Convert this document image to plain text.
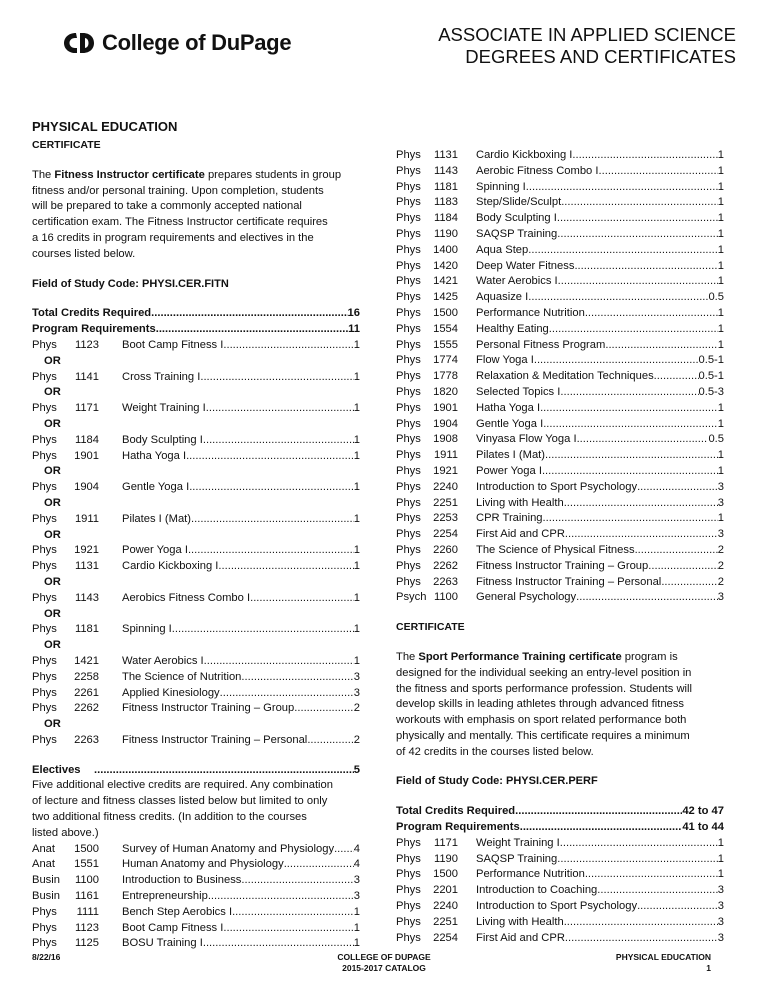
College of DuPage	ASSOCIATE IN APPLIED SCIENCE
DEGREES AND CERTIFICATES
PHYSICAL EDUCATION
CERTIFICATE

The Fitness Instructor certificate prepares students in group
fitness and/or personal training. Upon completion, students
will be prepared to take a commonly accepted national
certification exam. The Fitness Instructor certificate requires
a 16 credits in program requirements and electives in the
courses listed below.

Field of Study Code: PHYSI.CER.FITN
Total Credits Required .....	16
Program Requirements .....	11
Phys	1123 Boot Camp Fitness I .....	1
OR
Phys	1141 Cross Training I .....	1
OR
Phys	1171 Weight Training I .....	1
OR
Phys	1184 Body Sculpting I .....	1
Phys	1901 Hatha Yoga I .....	1
OR
Phys	1904 Gentle Yoga I .....	1
OR
Phys	1911 Pilates I (Mat) .....	1
OR
Phys	1921 Power Yoga I .....	1
Phys	1131 Cardio Kickboxing I .....	1
OR
Phys	1143 Aerobics Fitness Combo I .....	1
OR
Phys	1181 Spinning I .....	1
OR
Phys	1421 Water Aerobics I .....	1
Phys	2258 The Science of Nutrition .....	3
Phys	2261 Applied Kinesiology .....	3
Phys	2262 Fitness Instructor Training – Group .....	2
OR
Phys	2263 Fitness Instructor Training – Personal .....	2
Electives .....	5

Five additional elective credits are required. Any combination
of lecture and fitness classes listed below but limited to only
two additional fitness credits. (In addition to the courses
listed above.)

Anat	1500 Survey of Human Anatomy and Physiology ..... 4
Anat	1551 Human Anatomy and Physiology .....	4
Busin	1100 Introduction to Business .....	3
Busin	1161 Entrepreneurship .....	3
Phys	1111 Bench Step Aerobics I .....	1
Phys	1123 Boot Camp Fitness I .....	1
Phys	1125 BOSU Training I .....	1
Phys	1131 Cardio Kickboxing I .....	1
Phys	1143 Aerobic Fitness Combo I .....	1
Phys	1181 Spinning I .....	1
Phys	1183 Step/Slide/Sculpt .....	1
Phys	1184 Body Sculpting I .....	1
Phys	1190 SAQSP Training .....	1
Phys	1400 Aqua Step .....	1
Phys	1420 Deep Water Fitness .....	1
Phys	1421 Water Aerobics I .....	1
Phys	1425 Aquasize I .....	0.5
Phys	1500 Performance Nutrition .....	1
Phys	1554 Healthy Eating .....	1
Phys	1555 Personal Fitness Program .....	1
Phys	1774 Flow Yoga I .....	0.5-1
Phys	1778 Relaxation & Meditation Techniques .....	0.5-1
Phys	1820 Selected Topics I .....	0.5-3
Phys	1901 Hatha Yoga I .....	1
Phys	1904 Gentle Yoga I .....	1
Phys	1908 Vinyasa Flow Yoga I .....	0.5
Phys	1911 Pilates I (Mat) .....	1
Phys	1921 Power Yoga I .....	1
Phys	2240 Introduction to Sport Psychology .....	3
Phys	2251 Living with Health .....	3
Phys	2253 CPR Training .....	1
Phys	2254 First Aid and CPR .....	3
Phys	2260 The Science of Physical Fitness .....	2
Phys	2262 Fitness Instructor Training – Group .....	2
Phys	2263 Fitness Instructor Training – Personal .....	2
Psych 1100 General Psychology .....	3
CERTIFICATE

The Sport Performance Training certificate program is
designed for the individual seeking an entry-level position in
the fitness and sports performance profession. Students will
develop skills in leading athletes through advanced fitness
workouts with emphasis on sport related performance both
physically and mentally. This certificate requires a minimum
of 42 credits in the courses listed below.

Field of Study Code: PHYSI.CER.PERF
Total Credits Required .....	42 to 47
Program Requirements .....	41 to 44
Phys	1171 Weight Training I .....	1
Phys	1190 SAQSP Training .....	1
Phys	1500 Performance Nutrition .....	1
Phys	2201 Introduction to Coaching .....	3
Phys	2240 Introduction to Sport Psychology .....	3
Phys	2251 Living with Health .....	3
Phys	2254 First Aid and CPR .....	3
8/22/16	COLLEGE OF DUPAGE
2015-2017 CATALOG
PHYSICAL EDUCATION
1
